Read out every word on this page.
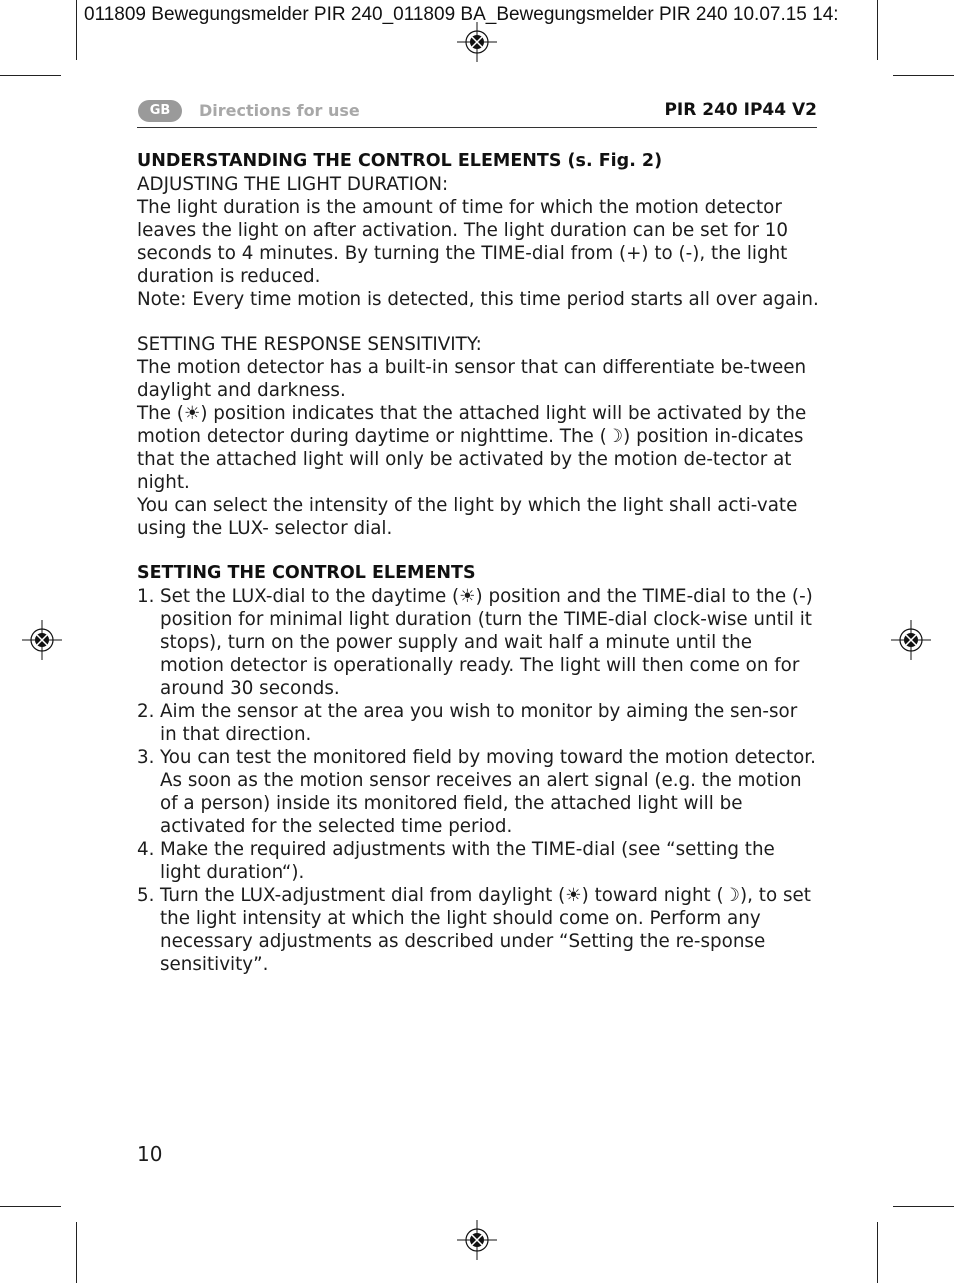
011809 Bewegungsmelder PIR 240_011809 BA_Bewegungsmelder PIR 240 10.07.15 14:
GB	Directions for use	PIR 240 IP44 V2
UNDERSTANDING THE CONTROL ELEMENTS (s. Fig. 2)

ADJUSTING THE LIGHT DURATION:

The light duration is the amount of time for which the motion detector leaves the light on after activation. The light duration can be set for 10 seconds to 4 minutes. By turning the TIME-dial from (+) to (-), the light duration is reduced.

Note: Every time motion is detected, this time period starts all over again.

SETTING THE RESPONSE SENSITIVITY:

The motion detector has a built-in sensor that can differentiate be-tween daylight and darkness.

The (☀) position indicates that the attached light will be activated by the motion detector during daytime or nighttime. The (☽) position in-dicates that the attached light will only be activated by the motion de-tector at night.

You can select the intensity of the light by which the light shall acti-vate using the LUX- selector dial.

SETTING THE CONTROL ELEMENTS
1. Set the LUX-dial to the daytime (☀) position and the TIME-dial to the (-) position for minimal light duration (turn the TIME-dial clock-wise until it stops), turn on the power supply and wait half a minute until the motion detector is operationally ready. The light will then come on for around 30 seconds.
2. Aim the sensor at the area you wish to monitor by aiming the sen-sor in that direction.
3. You can test the monitored field by moving toward the motion detector. As soon as the motion sensor receives an alert signal (e.g. the motion of a person) inside its monitored field, the attached light will be activated for the selected time period.
4. Make the required adjustments with the TIME-dial (see “setting the light duration“).
5. Turn the LUX-adjustment dial from daylight (☀) toward night (☽), to set the light intensity at which the light should come on. Perform any necessary adjustments as described under “Setting the re-sponse sensitivity”.
10
